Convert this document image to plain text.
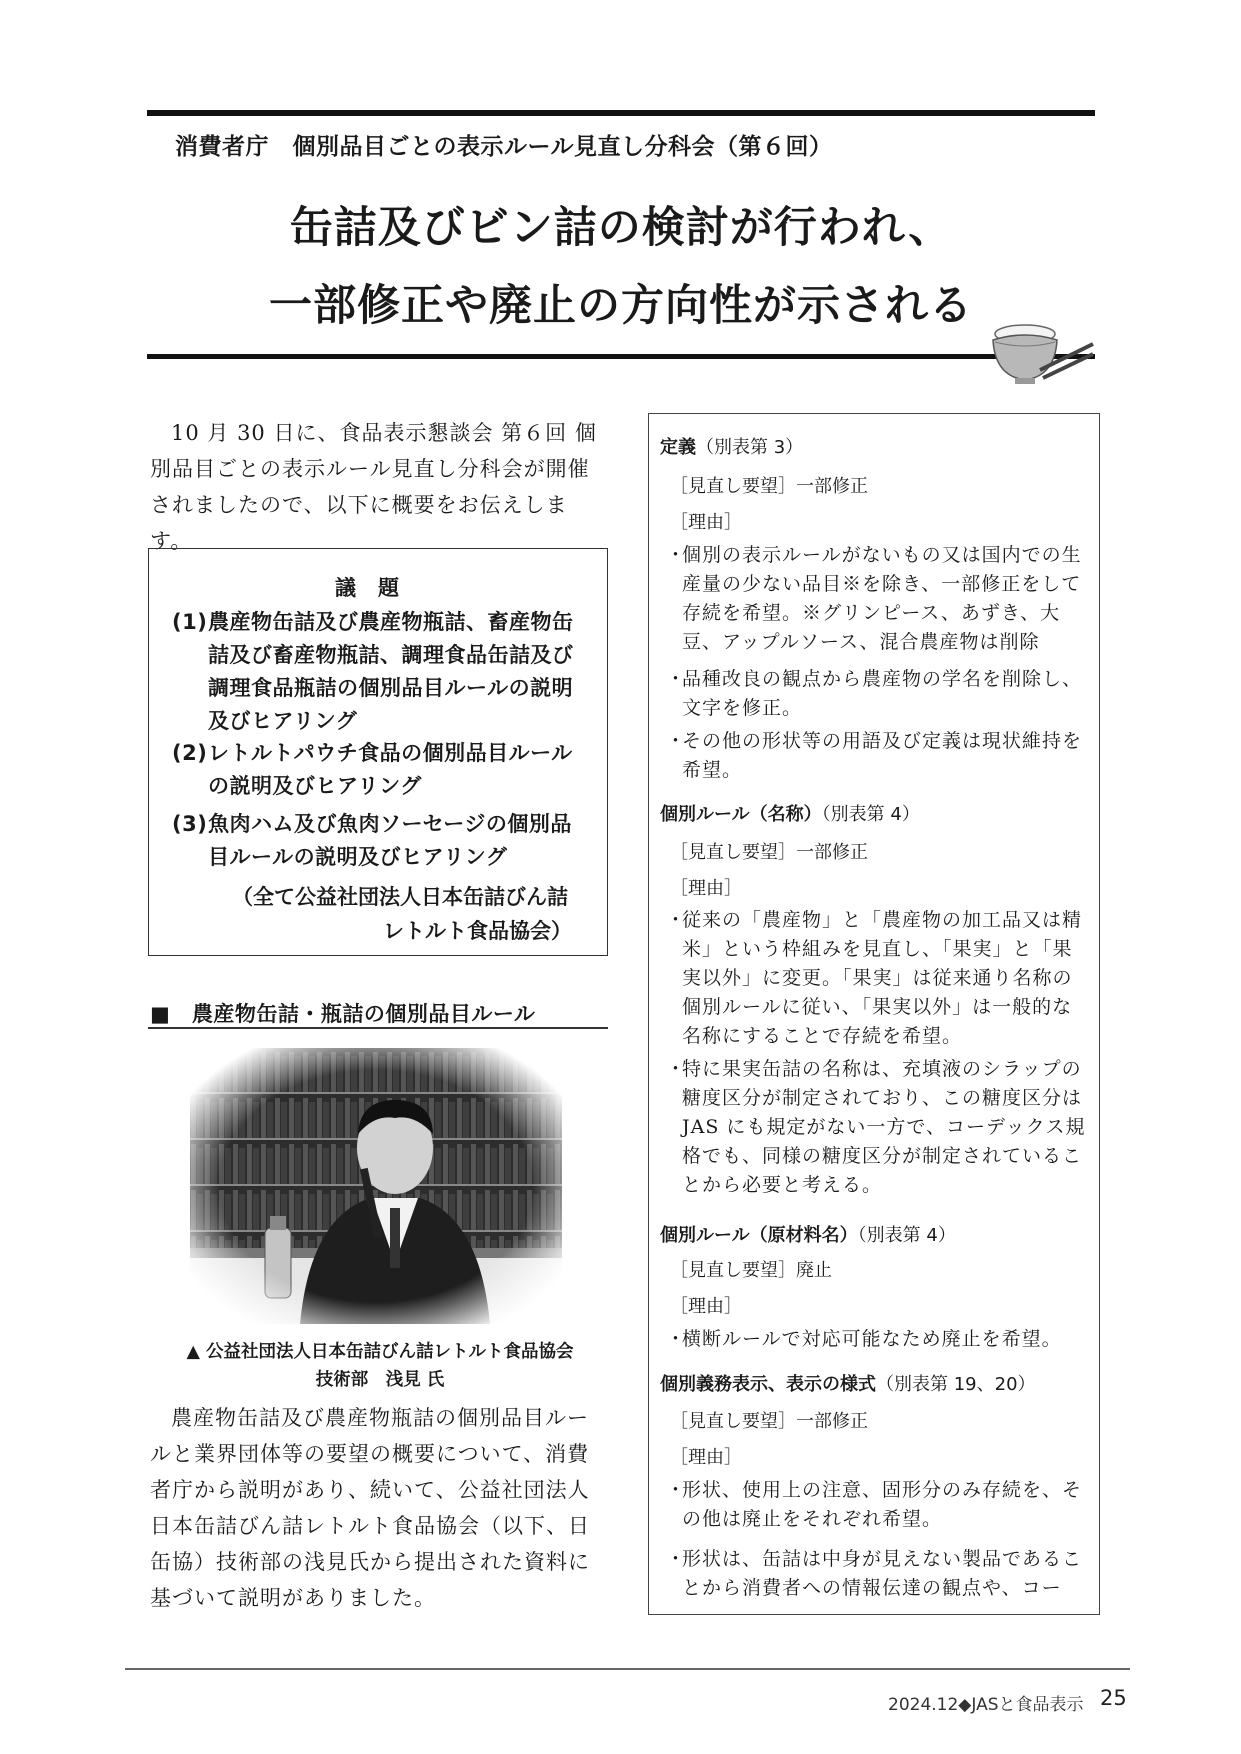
消費者庁　個別品目ごとの表示ルール見直し分科会（第６回）
缶詰及びビン詰の検討が行われ、
一部修正や廃止の方向性が示される
10 月 30 日に、食品表示懇談会 第６回 個別品目ごとの表示ルール見直し分科会が開催されましたので、以下に概要をお伝えします。
議題
(1) 農産物缶詰及び農産物瓶詰、畜産物缶詰及び畜産物瓶詰、調理食品缶詰及び調理食品瓶詰の個別品目ルールの説明及びヒアリング
(2) レトルトパウチ食品の個別品目ルールの説明及びヒアリング
(3) 魚肉ハム及び魚肉ソーセージの個別品目ルールの説明及びヒアリング
（全て公益社団法人日本缶詰びん詰
レトルト食品協会）
■　農産物缶詰・瓶詰の個別品目ルール
▲ 公益社団法人日本缶詰びん詰レトルト食品協会
技術部　浅見 氏
農産物缶詰及び農産物瓶詰の個別品目ルールと業界団体等の要望の概要について、消費者庁から説明があり、続いて、公益社団法人日本缶詰びん詰レトルト食品協会（以下、日缶協）技術部の浅見氏から提出された資料に基づいて説明がありました。
定義（別表第 3）
［見直し要望］一部修正
［理由］
・
個別の表示ルールがないもの又は国内での生産量の少ない品目※を除き、一部修正をして存続を希望。※グリンピース、あずき、大豆、アップルソース、混合農産物は削除
・
品種改良の観点から農産物の学名を削除し、文字を修正。
・
その他の形状等の用語及び定義は現状維持を希望。
個別ルール（名称）（別表第 4）
［見直し要望］一部修正
［理由］
・
従来の「農産物」と「農産物の加工品又は精米」という枠組みを見直し、「果実」と「果実以外」に変更。「果実」は従来通り名称の個別ルールに従い、「果実以外」は一般的な名称にすることで存続を希望。
・
特に果実缶詰の名称は、充填液のシラップの糖度区分が制定されており、この糖度区分は JAS にも規定がない一方で、コーデックス規格でも、同様の糖度区分が制定されていることから必要と考える。
個別ルール（原材料名）（別表第 4）
［見直し要望］廃止
［理由］
・
横断ルールで対応可能なため廃止を希望。
個別義務表示、表示の様式（別表第 19、20）
［見直し要望］一部修正
［理由］
・
形状、使用上の注意、固形分のみ存続を、その他は廃止をそれぞれ希望。
・
形状は、缶詰は中身が見えない製品であることから消費者への情報伝達の観点や、コー
2024.12◆JASと食品表示 25
